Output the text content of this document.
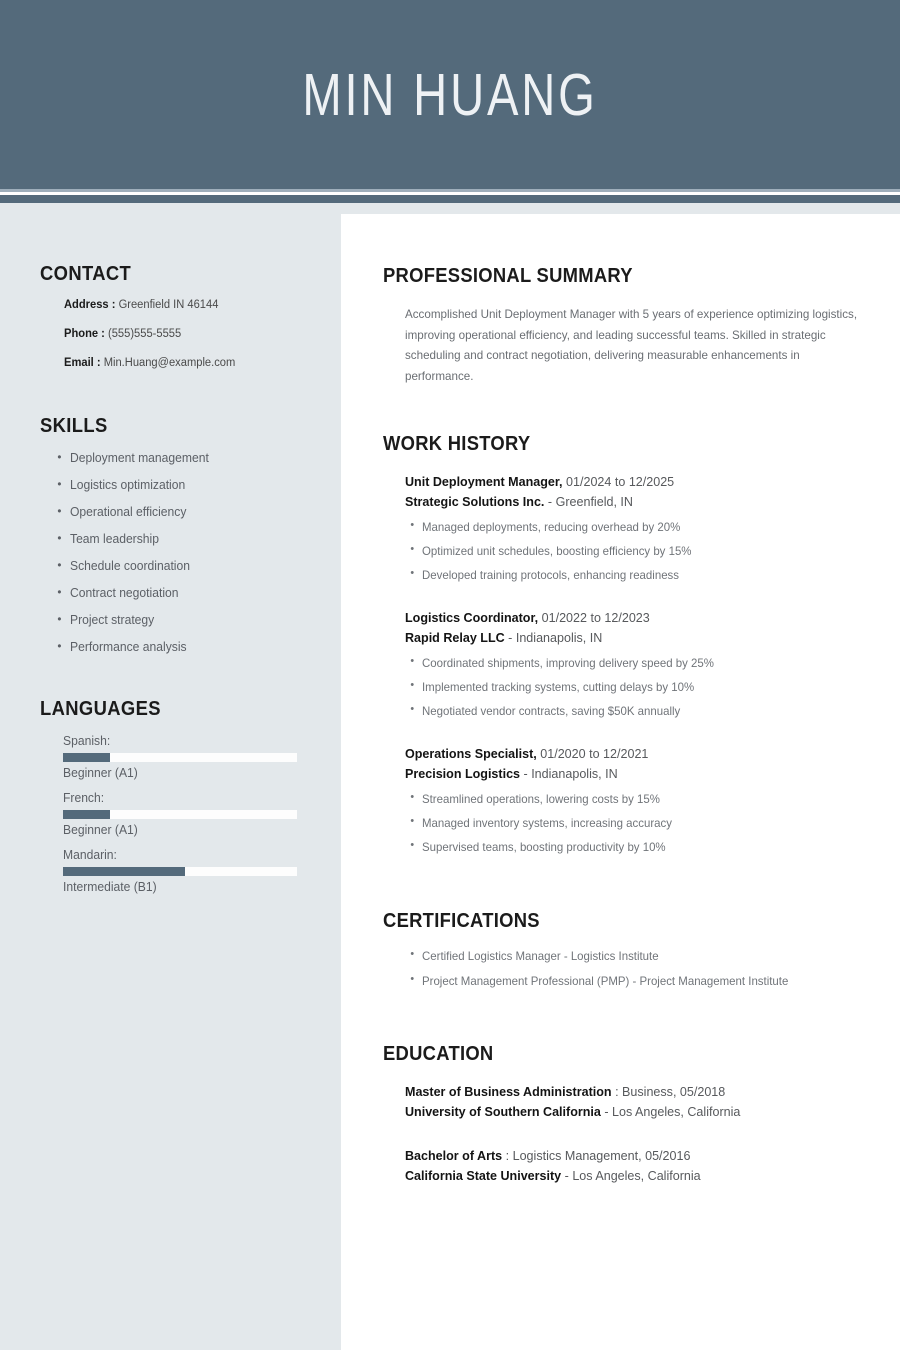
MIN HUANG
CONTACT
Address : Greenfield IN 46144
Phone : (555)555-5555
Email : Min.Huang@example.com
SKILLS
• Deployment management
• Logistics optimization
• Operational efficiency
• Team leadership
• Schedule coordination
• Contract negotiation
• Project strategy
• Performance analysis
LANGUAGES
Spanish:
Beginner (A1)
French:
Beginner (A1)
Mandarin:
Intermediate (B1)
PROFESSIONAL SUMMARY

Accomplished Unit Deployment Manager with 5 years of experience optimizing logistics, improving operational efficiency, and leading successful teams. Skilled in strategic scheduling and contract negotiation, delivering measurable enhancements in performance.

WORK HISTORY
Unit Deployment Manager, 01/2024 to 12/2025
Strategic Solutions Inc. - Greenfield, IN
• Managed deployments, reducing overhead by 20%
• Optimized unit schedules, boosting efficiency by 15%
• Developed training protocols, enhancing readiness
Logistics Coordinator, 01/2022 to 12/2023
Rapid Relay LLC - Indianapolis, IN
• Coordinated shipments, improving delivery speed by 25%
• Implemented tracking systems, cutting delays by 10%
• Negotiated vendor contracts, saving $50K annually
Operations Specialist, 01/2020 to 12/2021
Precision Logistics - Indianapolis, IN
• Streamlined operations, lowering costs by 15%
• Managed inventory systems, increasing accuracy
• Supervised teams, boosting productivity by 10%
CERTIFICATIONS
• Certified Logistics Manager - Logistics Institute
• Project Management Professional (PMP) - Project Management Institute
EDUCATION
Master of Business Administration : Business, 05/2018
University of Southern California - Los Angeles, California
Bachelor of Arts : Logistics Management, 05/2016
California State University - Los Angeles, California
